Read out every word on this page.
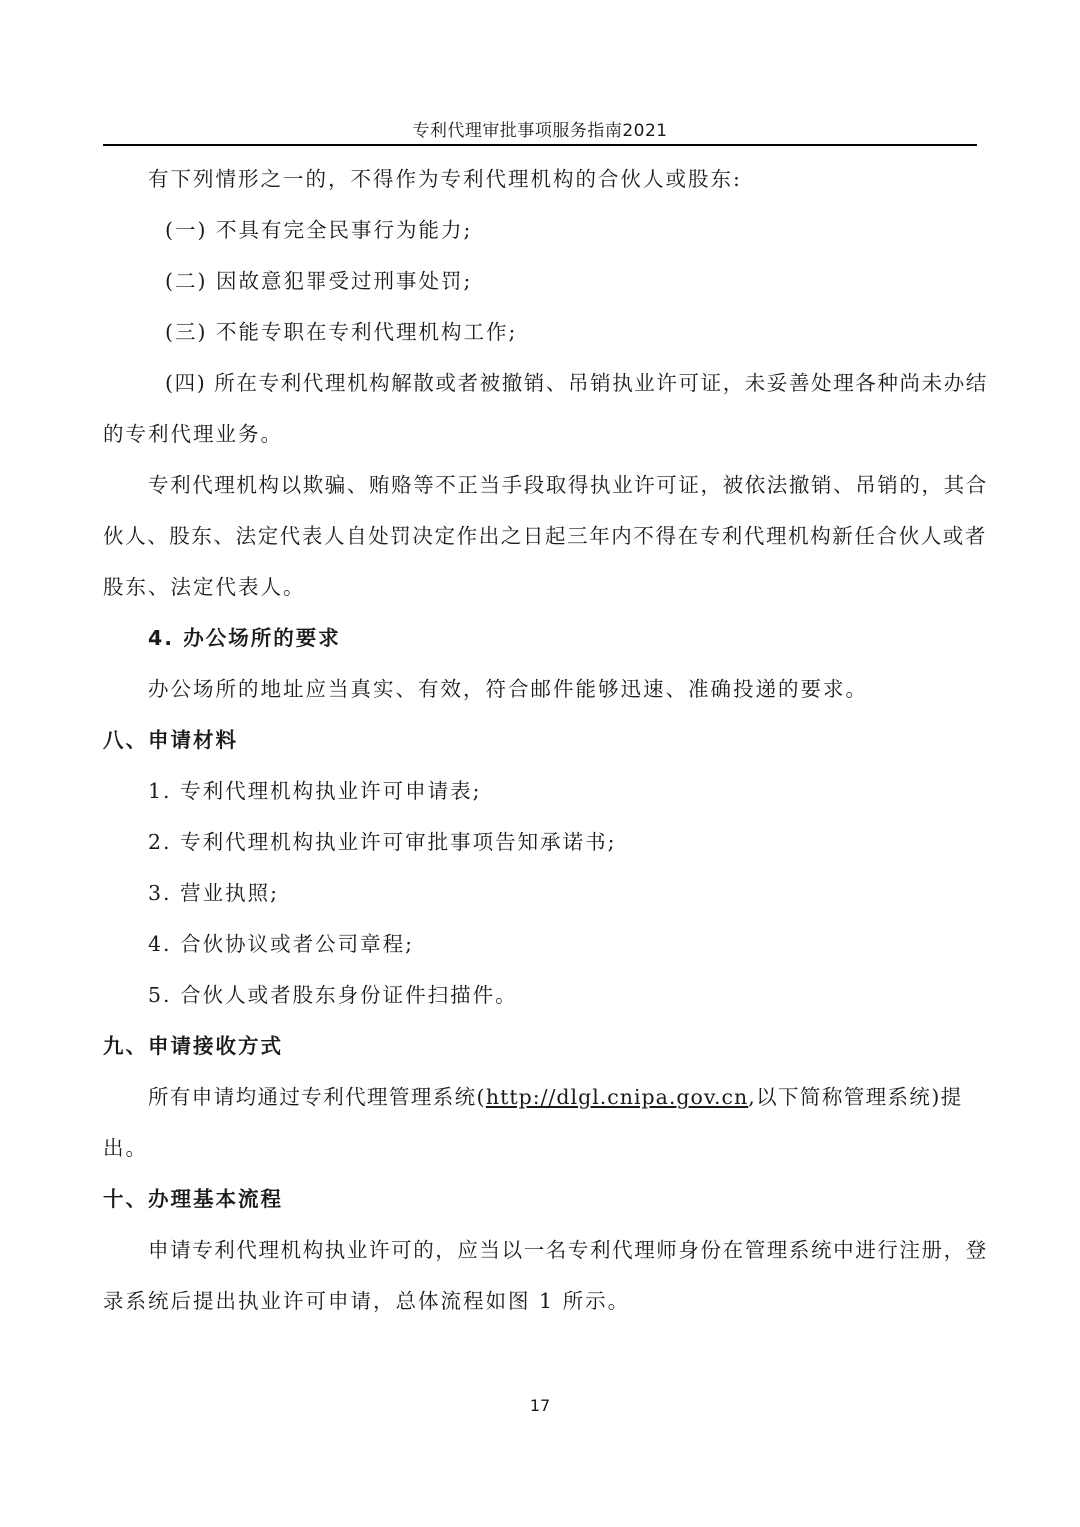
专利代理审批事项服务指南2021
有下列情形之一的，不得作为专利代理机构的合伙人或股东:
(一) 不具有完全民事行为能力;
(二) 因故意犯罪受过刑事处罚;
(三) 不能专职在专利代理机构工作;
(四) 所在专利代理机构解散或者被撤销、吊销执业许可证，未妥善处理各种尚未办结
的专利代理业务。
专利代理机构以欺骗、贿赂等不正当手段取得执业许可证，被依法撤销、吊销的，其合
伙人、股东、法定代表人自处罚决定作出之日起三年内不得在专利代理机构新任合伙人或者
股东、法定代表人。
4. 办公场所的要求
办公场所的地址应当真实、有效，符合邮件能够迅速、准确投递的要求。
八、申请材料
1. 专利代理机构执业许可申请表;
2. 专利代理机构执业许可审批事项告知承诺书;
3. 营业执照;
4. 合伙协议或者公司章程;
5. 合伙人或者股东身份证件扫描件。
九、申请接收方式
所有申请均通过专利代理管理系统(http://dlgl.cnipa.gov.cn,以下简称管理系统)提
出。
十、办理基本流程
申请专利代理机构执业许可的，应当以一名专利代理师身份在管理系统中进行注册，登
录系统后提出执业许可申请，总体流程如图 1 所示。
17
